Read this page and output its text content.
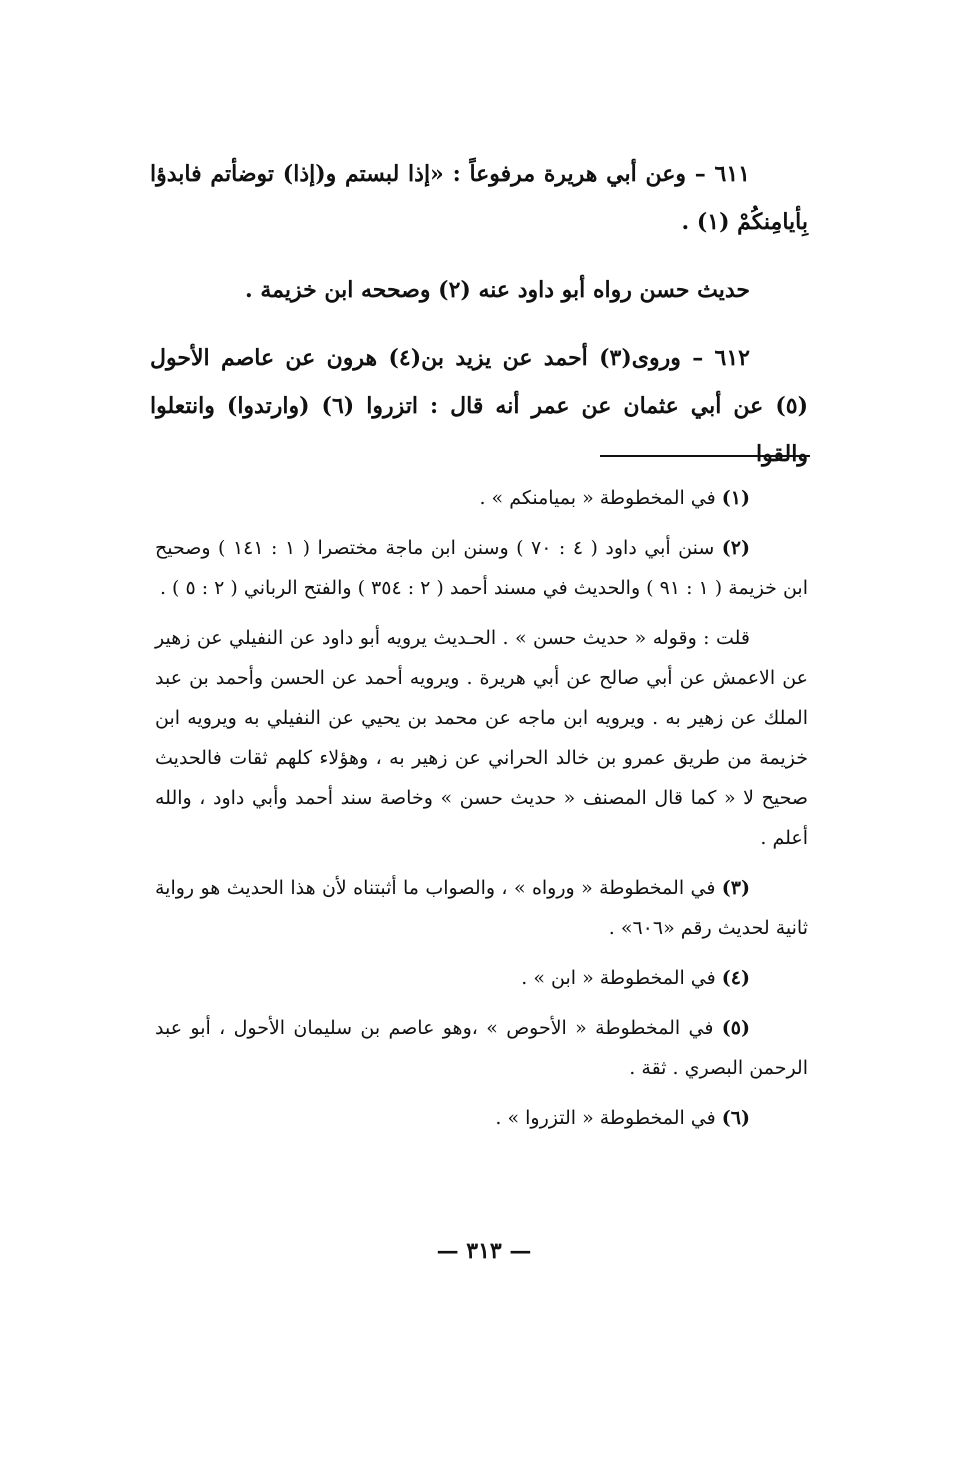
٦١١ – وعن أبي هريرة مرفوعاً : «إذا لبستم و(إذا) توضأتم فابدؤا بِأيامِنكُمْ (١) .

حديث حسن رواه أبو داود عنه (٢) وصححه ابن خزيمة .

٦١٢ – وروى(٣) أحمد عن يزيد بن(٤) هرون عن عاصم الأحول (٥) عن أبي عثمان عن عمر أنه قال : اتزروا (٦) (وارتدوا) وانتعلوا والقوا

(١) في المخطوطة « بميامنكم » .

(٢) سنن أبي داود ( ٤ : ٧٠ ) وسنن ابن ماجة مختصرا ( ١ : ١٤١ ) وصحيح ابن خزيمة ( ١ : ٩١ ) والحديث في مسند أحمد ( ٢ : ٣٥٤ ) والفتح الرباني ( ٢ : ٥ ) .

قلت : وقوله « حديث حسن » . الحـديث يرويه أبو داود عن النفيلي عن زهير عن الاعمش عن أبي صالح عن أبي هريرة . ويرويه أحمد عن الحسن وأحمد بن عبد الملك عن زهير به . ويرويه ابن ماجه عن محمد بن يحيي عن النفيلي به ويرويه ابن خزيمة من طريق عمرو بن خالد الحراني عن زهير به ، وهؤلاء كلهم ثقات فالحديث صحيح لا « كما قال المصنف « حديث حسن » وخاصة سند أحمد وأبي داود ، والله أعلم .

(٣) في المخطوطة « ورواه » ، والصواب ما أثبتناه لأن هذا الحديث هو رواية ثانية لحديث رقم «٦٠٦» .

(٤) في المخطوطة « ابن » .

(٥) في المخطوطة « الأحوص » ،وهو عاصم بن سليمان الأحول ، أبو عبد الرحمن البصري . ثقة .

(٦) في المخطوطة « التزروا » .

— ٣١٣ —
